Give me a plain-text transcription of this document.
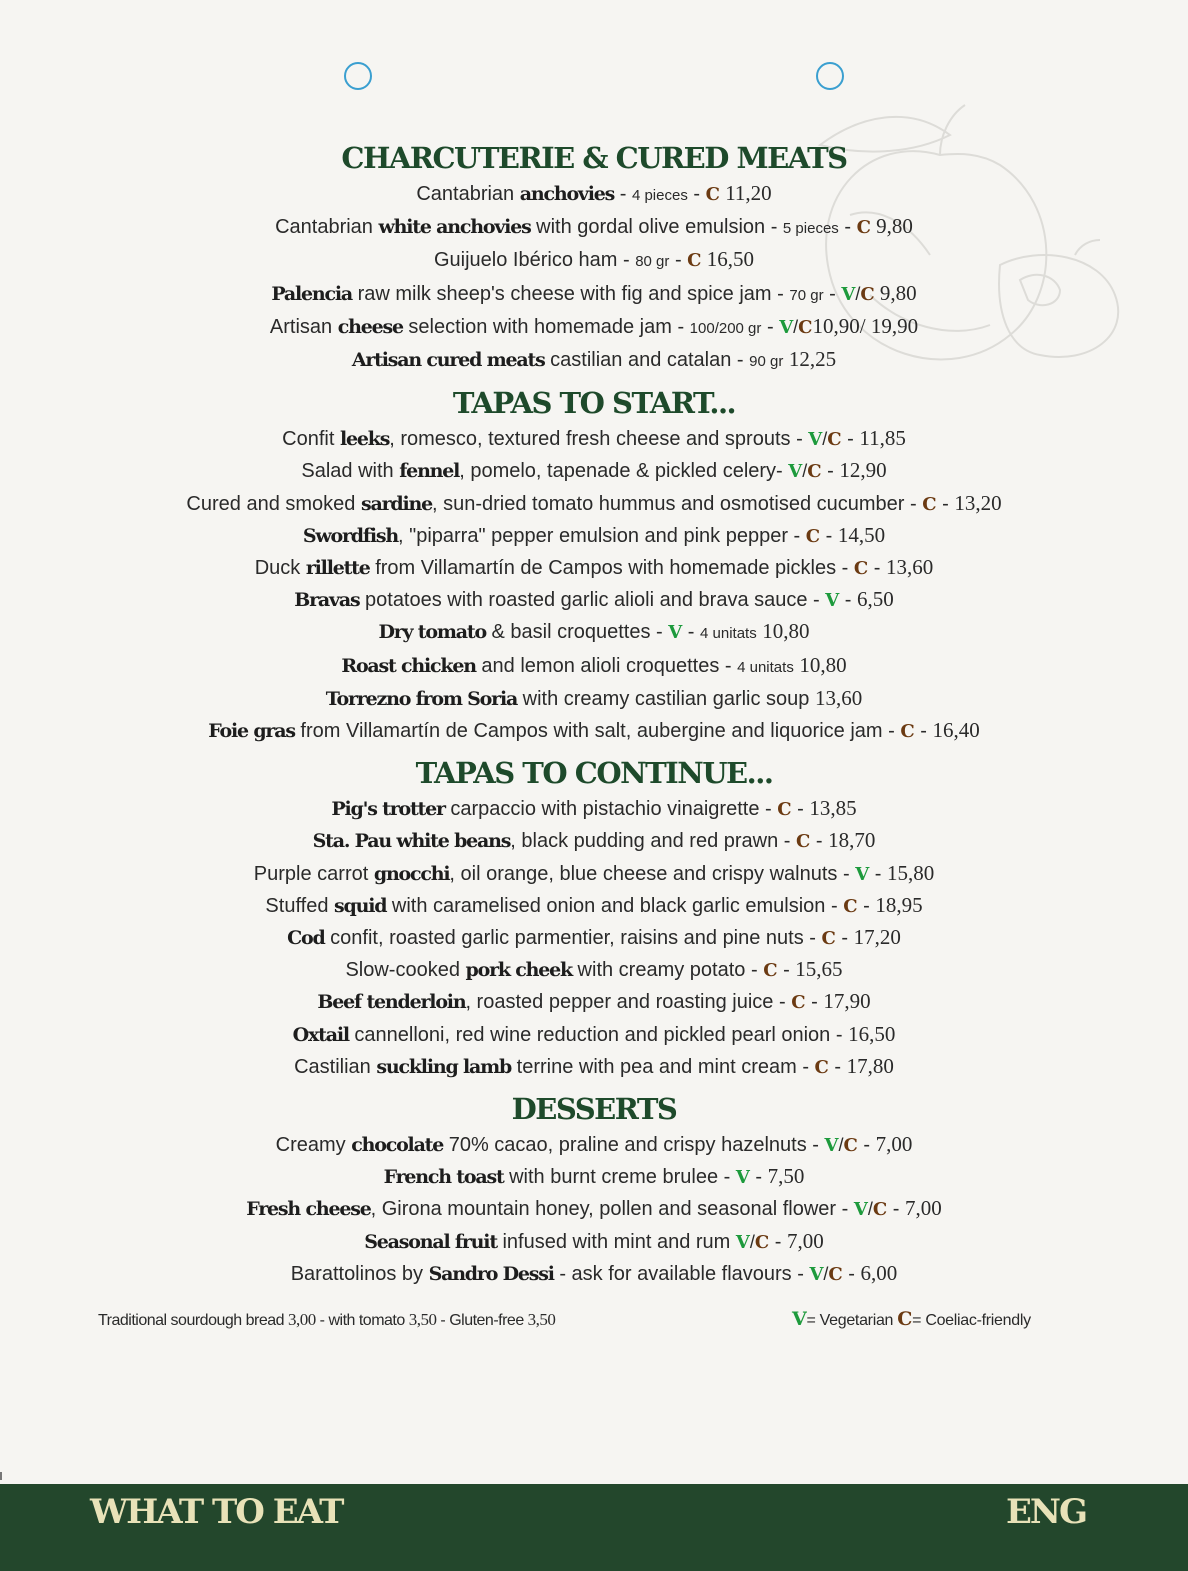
CHARCUTERIE & CURED MEATS
Cantabrian anchovies - 4 pieces - C 11,20
Cantabrian white anchovies with gordal olive emulsion - 5 pieces - C 9,80
Guijuelo Ibérico ham - 80 gr - C 16,50
Palencia raw milk sheep's cheese with fig and spice jam - 70 gr - V/C 9,80
Artisan cheese selection with homemade jam - 100/200 gr - V/C10,90/ 19,90
Artisan cured meats castilian and catalan - 90 gr 12,25
TAPAS TO START...
Confit leeks, romesco, textured fresh cheese and sprouts - V/C - 11,85
Salad with fennel, pomelo, tapenade & pickled celery- V/C - 12,90
Cured and smoked sardine, sun-dried tomato hummus and osmotised cucumber - C - 13,20
Swordfish, "piparra" pepper emulsion and pink pepper - C - 14,50
Duck rillette from Villamartín de Campos with homemade pickles - C - 13,60
Bravas potatoes with roasted garlic alioli and brava sauce - V - 6,50
Dry tomato & basil croquettes - V - 4 unitats 10,80
Roast chicken and lemon alioli croquettes - 4 unitats 10,80
Torrezno from Soria with creamy castilian garlic soup 13,60
Foie gras from Villamartín de Campos with salt, aubergine and liquorice jam - C - 16,40
TAPAS TO CONTINUE...
Pig's trotter carpaccio with pistachio vinaigrette - C - 13,85
Sta. Pau white beans, black pudding and red prawn - C - 18,70
Purple carrot gnocchi, oil orange, blue cheese and crispy walnuts - V - 15,80
Stuffed squid with caramelised onion and black garlic emulsion - C - 18,95
Cod confit, roasted garlic parmentier, raisins and pine nuts - C - 17,20
Slow-cooked pork cheek with creamy potato - C - 15,65
Beef tenderloin, roasted pepper and roasting juice - C - 17,90
Oxtail cannelloni, red wine reduction and pickled pearl onion - 16,50
Castilian suckling lamb terrine with pea and mint cream - C - 17,80
DESSERTS
Creamy chocolate 70% cacao, praline and crispy hazelnuts - V/C - 7,00
French toast with burnt creme brulee - V - 7,50
Fresh cheese, Girona mountain honey, pollen and seasonal flower - V/C - 7,00
Seasonal fruit infused with mint and rum V/C - 7,00
Barattolinos by Sandro Dessi - ask for available flavours - V/C - 6,00
Traditional sourdough bread 3,00 - with tomato 3,50 - Gluten-free 3,50	V= Vegetarian C= Coeliac-friendly
WHAT TO EAT	ENG
